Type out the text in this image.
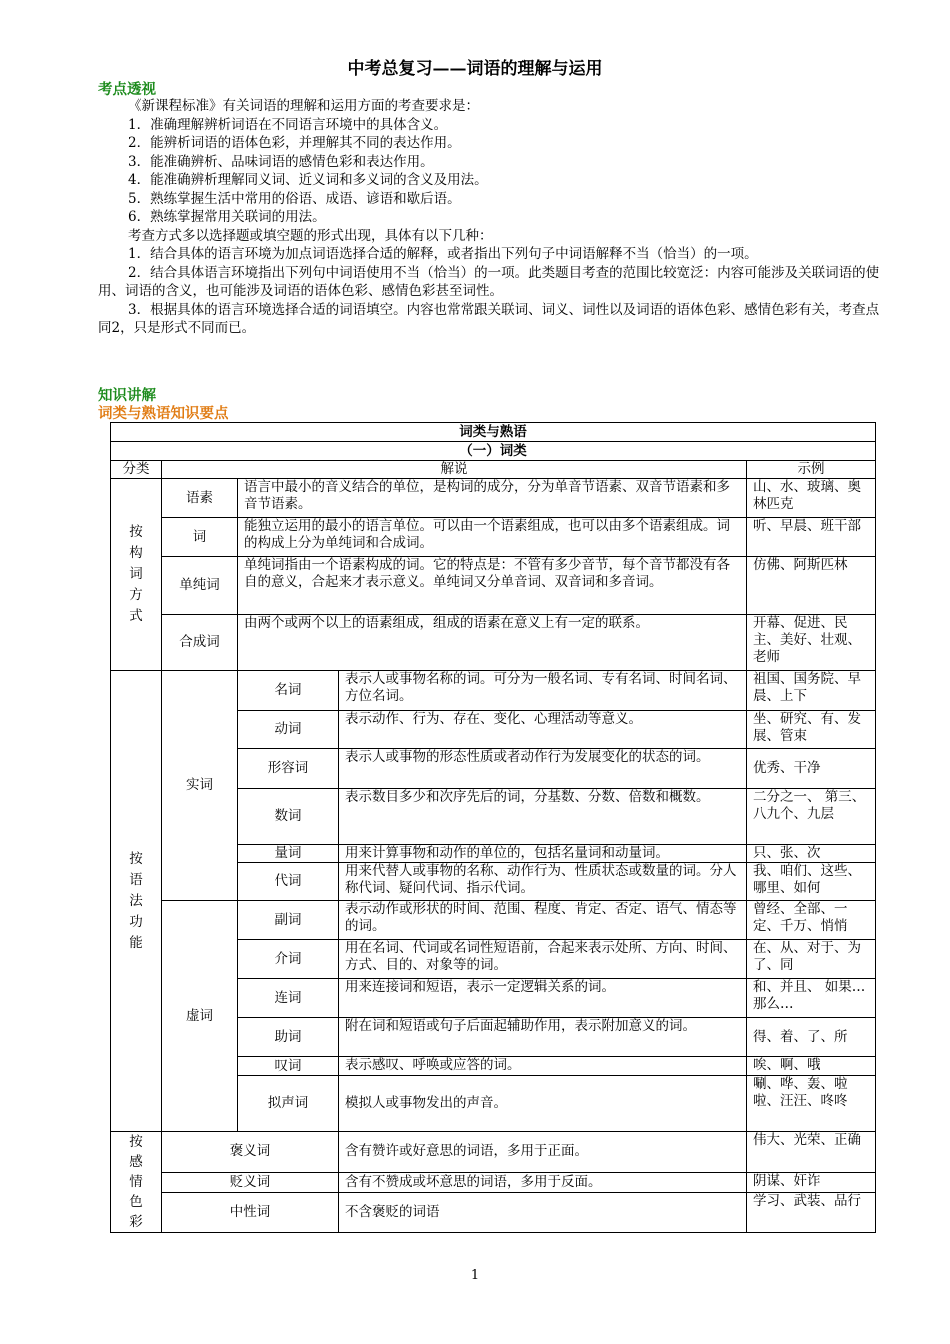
中考总复习——词语的理解与运用
考点透视

《新课程标准》有关词语的理解和运用方面的考查要求是：

1．准确理解辨析词语在不同语言环境中的具体含义。

2．能辨析词语的语体色彩，并理解其不同的表达作用。

3．能准确辨析、品味词语的感情色彩和表达作用。

4．能准确辨析理解同义词、近义词和多义词的含义及用法。

5．熟练掌握生活中常用的俗语、成语、谚语和歇后语。

6．熟练掌握常用关联词的用法。

考查方式多以选择题或填空题的形式出现，具体有以下几种：

1．结合具体的语言环境为加点词语选择合适的解释，或者指出下列句子中词语解释不当（恰当）的一项。

2．结合具体语言环境指出下列句中词语使用不当（恰当）的一项。此类题目考查的范围比较宽泛：内容可能涉及关联词语的使用、词语的含义，也可能涉及词语的语体色彩、感情色彩甚至词性。

3．根据具体的语言环境选择合适的词语填空。内容也常常跟关联词、词义、词性以及词语的语体色彩、感情色彩有关，考查点同2，只是形式不同而已。

知识讲解
词类与熟语知识要点
词类与熟语				
（一）词类				
分类	解说			示例

按构词方式	语素	语言中最小的音义结合的单位，是构词的成分，分为单音节语素、双音节语素和多音节语素。		山、水、玻璃、奥林匹克
	词	能独立运用的最小的语言单位。可以由一个语素组成，也可以由多个语素组成。词的构成上分为单纯词和合成词。		听、早晨、班干部
	单纯词	单纯词指由一个语素构成的词。它的特点是：不管有多少音节，每个音节都没有各自的意义，合起来才表示意义。单纯词又分单音词、双音词和多音词。		仿佛、阿斯匹林
	合成词	由两个或两个以上的语素组成，组成的语素在意义上有一定的联系。		开幕、促进、民主、美好、壮观、老师

按语法功能	实词	名词	表示人或事物名称的词。可分为一般名词、专有名词、时间名词、方位名词。	祖国、国务院、早晨、上下
		动词	表示动作、行为、存在、变化、心理活动等意义。	坐、研究、有、发展、管束
		形容词	表示人或事物的形态性质或者动作行为发展变化的状态的词。	优秀、干净
		数词	表示数目多少和次序先后的词，分基数、分数、倍数和概数。	二分之一、 第三、八九个、九层
		量词	用来计算事物和动作的单位的，包括名量词和动量词。	只、张、次
		代词	用来代替人或事物的名称、动作行为、性质状态或数量的词。分人称代词、疑问代词、指示代词。	我、咱们、这些、哪里、如何
	虚词	副词	表示动作或形状的时间、范围、程度、肯定、否定、语气、情态等的词。	曾经、全部、一定、千万、悄悄
		介词	用在名词、代词或名词性短语前，合起来表示处所、方向、时间、方式、目的、对象等的词。	在、从、对于、为了、同
		连词	用来连接词和短语，表示一定逻辑关系的词。	和、并且、 如果…那么…
		助词	附在词和短语或句子后面起辅助作用，表示附加意义的词。	得、着、了、所
		叹词	表示感叹、呼唤或应答的词。	唉、啊、哦
		拟声词	模拟人或事物发出的声音。	唰、哗、轰、啦啦、汪汪、咚咚

按感情色彩	褒义词		含有赞许或好意思的词语，多用于正面。	伟大、光荣、正确
	贬义词		含有不赞成或坏意思的词语，多用于反面。	阴谋、奸诈
	中性词		不含褒贬的词语	学习、武装、品行
1
